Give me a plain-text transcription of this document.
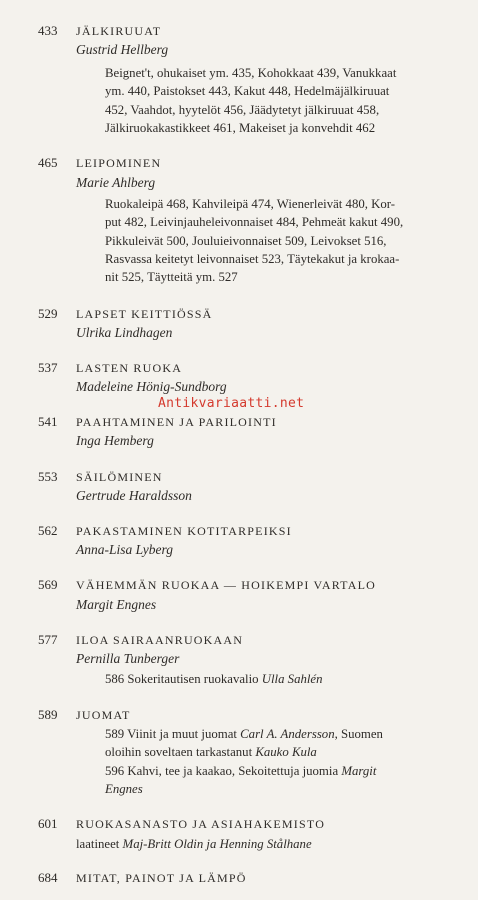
433 JÄLKIRUUAT
Gustrid Hellberg
Beignet't, ohukaiset ym. 435, Kohokkaat 439, Vanukkaat
ym. 440, Paistokset 443, Kakut 448, Hedelmäjälkiruuat
452, Vaahdot, hyytelöt 456, Jäädytetyt jälkiruuat 458,
Jälkiruokakastikkeet 461, Makeiset ja konvehdit 462
465 LEIPOMINEN
Marie Ahlberg
Ruokaleipä 468, Kahvileipä 474, Wienerleivät 480, Kor-
put 482, Leivinjauheleivonnaiset 484, Pehmeät kakut 490,
Pikkuleivät 500, Jouluieivonnaiset 509, Leivokset 516,
Rasvassa keitetyt leivonnaiset 523, Täytekakut ja krokaa-
nit 525, Täytteitä ym. 527
529 LAPSET KEITTIÖSSÄ
Ulrika Lindhagen
537 LASTEN RUOKA
Madeleine Hönig-Sundborg
Antikvariaatti.net
541 PAAHTAMINEN JA PARILOINTI
Inga Hemberg
553 SÄILÖMINEN
Gertrude Haraldsson
562 PAKASTAMINEN KOTITARPEIKSI
Anna-Lisa Lyberg
569 VÄHEMMÄN RUOKAA — HOIKEMPI VARTALO
Margit Engnes
577 ILOA SAIRAANRUOKAAN
Pernilla Tunberger
586 Sokeritautisen ruokavalio Ulla Sahlén
589 JUOMAT
589 Viinit ja muut juomat Carl A. Andersson, Suomen
oloihin soveltaen tarkastanut Kauko Kula
596 Kahvi, tee ja kaakao, Sekoitettuja juomia Margit
Engnes
601 RUOKASANASTO JA ASIAHAKEMISTO
laatineet Maj-Britt Oldin ja Henning Stålhane
684 MITAT, PAINOT JA LÄMPÖ
